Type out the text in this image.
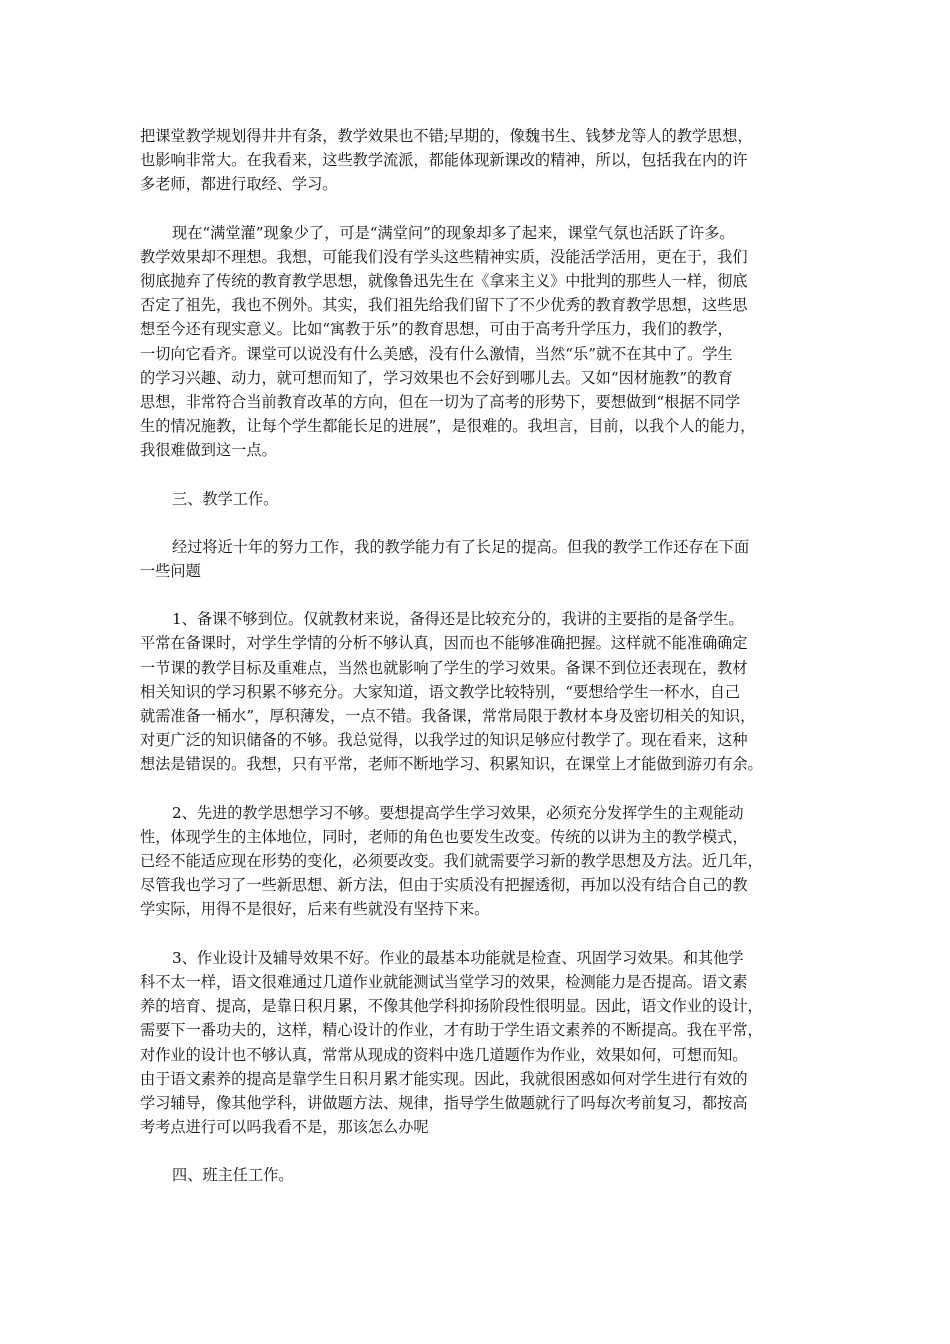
把课堂教学规划得井井有条，教学效果也不错;早期的，像魏书生、钱梦龙等人的教学思想，
也影响非常大。在我看来，这些教学流派，都能体现新课改的精神，所以，包括我在内的许
多老师，都进行取经、学习。
现在“满堂灌”现象少了，可是“满堂问”的现象却多了起来，课堂气氛也活跃了许多。
教学效果却不理想。我想，可能我们没有学头这些精神实质，没能活学活用，更在于，我们
彻底抛弃了传统的教育教学思想，就像鲁迅先生在《拿来主义》中批判的那些人一样，彻底
否定了祖先，我也不例外。其实，我们祖先给我们留下了不少优秀的教育教学思想，这些思
想至今还有现实意义。比如“寓教于乐”的教育思想，可由于高考升学压力，我们的教学，
一切向它看齐。课堂可以说没有什么美感，没有什么激情，当然“乐”就不在其中了。学生
的学习兴趣、动力，就可想而知了，学习效果也不会好到哪儿去。又如“因材施教”的教育
思想，非常符合当前教育改革的方向，但在一切为了高考的形势下，要想做到“根据不同学
生的情况施教，让每个学生都能长足的进展”，是很难的。我坦言，目前，以我个人的能力，
我很难做到这一点。
三、教学工作。
经过将近十年的努力工作，我的教学能力有了长足的提高。但我的教学工作还存在下面
一些问题
1、备课不够到位。仅就教材来说，备得还是比较充分的，我讲的主要指的是备学生。
平常在备课时，对学生学情的分析不够认真，因而也不能够准确把握。这样就不能准确确定
一节课的教学目标及重难点，当然也就影响了学生的学习效果。备课不到位还表现在，教材
相关知识的学习积累不够充分。大家知道，语文教学比较特别，“要想给学生一杯水，自己
就需准备一桶水”，厚积薄发，一点不错。我备课，常常局限于教材本身及密切相关的知识，
对更广泛的知识储备的不够。我总觉得，以我学过的知识足够应付教学了。现在看来，这种
想法是错误的。我想，只有平常，老师不断地学习、积累知识，在课堂上才能做到游刃有余。
2、先进的教学思想学习不够。要想提高学生学习效果，必须充分发挥学生的主观能动
性，体现学生的主体地位，同时，老师的角色也要发生改变。传统的以讲为主的教学模式，
已经不能适应现在形势的变化，必须要改变。我们就需要学习新的教学思想及方法。近几年，
尽管我也学习了一些新思想、新方法，但由于实质没有把握透彻，再加以没有结合自己的教
学实际，用得不是很好，后来有些就没有坚持下来。
3、作业设计及辅导效果不好。作业的最基本功能就是检查、巩固学习效果。和其他学
科不太一样，语文很难通过几道作业就能测试当堂学习的效果，检测能力是否提高。语文素
养的培育、提高，是靠日积月累，不像其他学科抑扬阶段性很明显。因此，语文作业的设计，
需要下一番功夫的，这样，精心设计的作业，才有助于学生语文素养的不断提高。我在平常，
对作业的设计也不够认真，常常从现成的资料中选几道题作为作业，效果如何，可想而知。
由于语文素养的提高是靠学生日积月累才能实现。因此，我就很困惑如何对学生进行有效的
学习辅导，像其他学科，讲做题方法、规律，指导学生做题就行了吗每次考前复习，都按高
考考点进行可以吗我看不是，那该怎么办呢
四、班主任工作。
